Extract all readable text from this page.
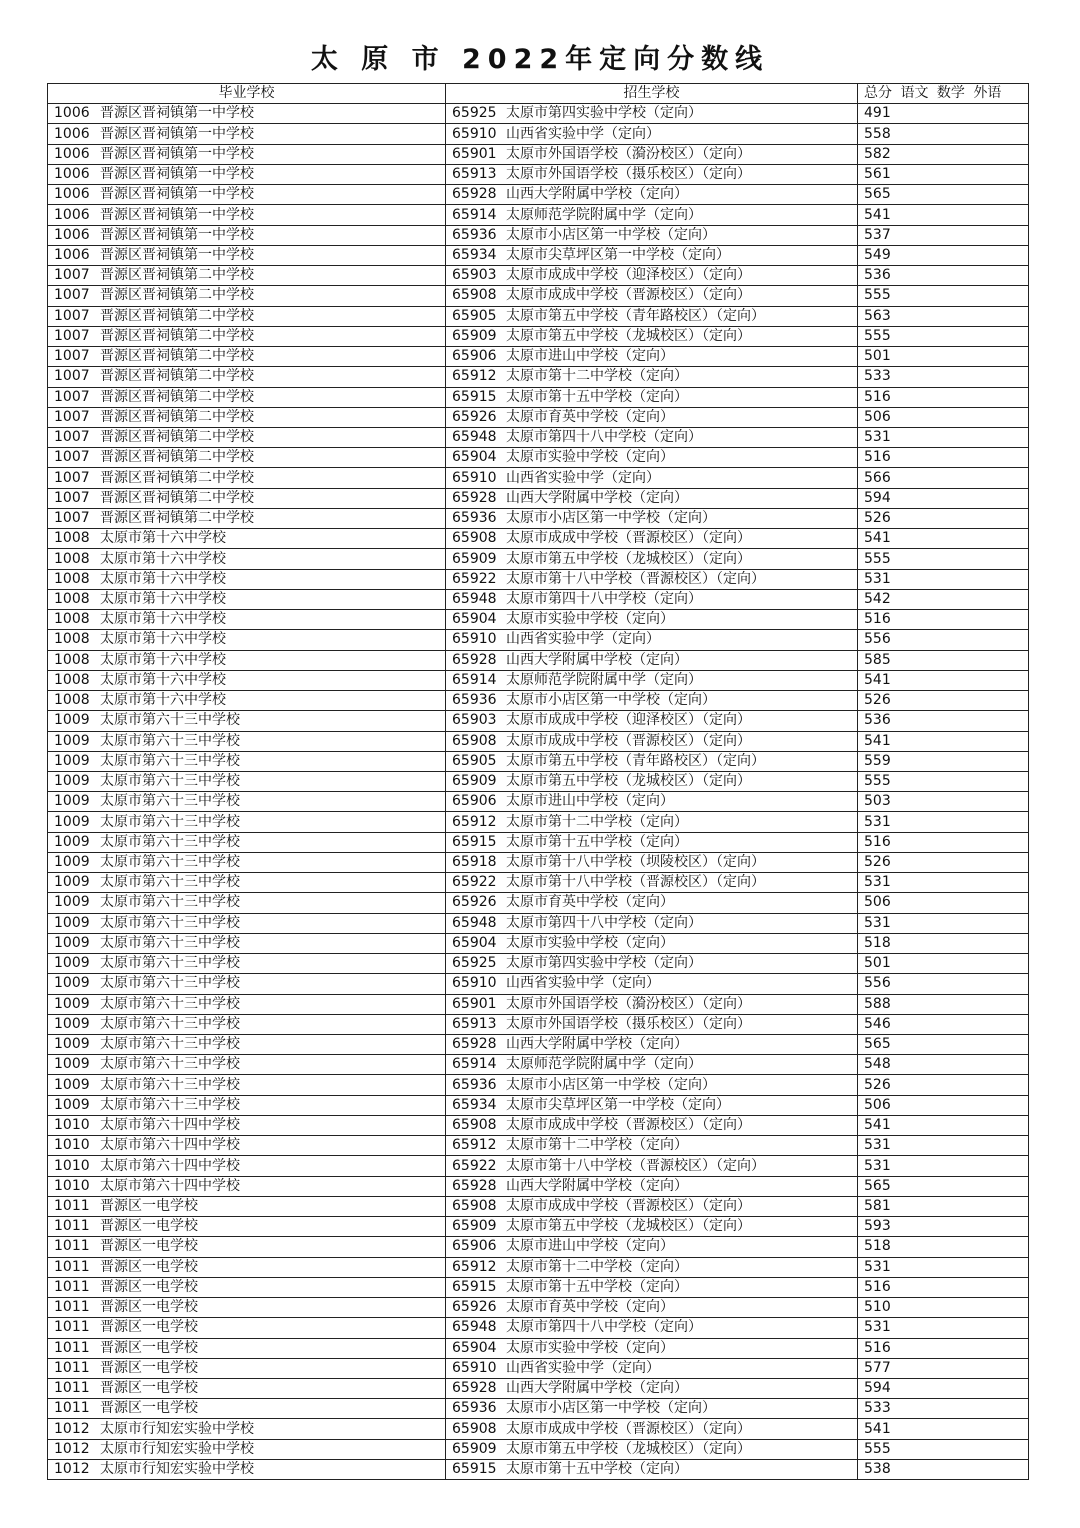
太 原 市 2022年定向分数线
毕业学校	招生学校	总分 语文 数学 外语
1006 晋源区晋祠镇第一中学校	65925 太原市第四实验中学校（定向）	491
1006 晋源区晋祠镇第一中学校	65910 山西省实验中学（定向）	558
1006 晋源区晋祠镇第一中学校	65901 太原市外国语学校（漪汾校区）（定向）	582
1006 晋源区晋祠镇第一中学校	65913 太原市外国语学校（摄乐校区）（定向）	561
1006 晋源区晋祠镇第一中学校	65928 山西大学附属中学校（定向）	565
1006 晋源区晋祠镇第一中学校	65914 太原师范学院附属中学（定向）	541
1006 晋源区晋祠镇第一中学校	65936 太原市小店区第一中学校（定向）	537
1006 晋源区晋祠镇第一中学校	65934 太原市尖草坪区第一中学校（定向）	549
1007 晋源区晋祠镇第二中学校	65903 太原市成成中学校（迎泽校区）（定向）	536
1007 晋源区晋祠镇第二中学校	65908 太原市成成中学校（晋源校区）（定向）	555
1007 晋源区晋祠镇第二中学校	65905 太原市第五中学校（青年路校区）（定向）	563
1007 晋源区晋祠镇第二中学校	65909 太原市第五中学校（龙城校区）（定向）	555
1007 晋源区晋祠镇第二中学校	65906 太原市进山中学校（定向）	501
1007 晋源区晋祠镇第二中学校	65912 太原市第十二中学校（定向）	533
1007 晋源区晋祠镇第二中学校	65915 太原市第十五中学校（定向）	516
1007 晋源区晋祠镇第二中学校	65926 太原市育英中学校（定向）	506
1007 晋源区晋祠镇第二中学校	65948 太原市第四十八中学校（定向）	531
1007 晋源区晋祠镇第二中学校	65904 太原市实验中学校（定向）	516
1007 晋源区晋祠镇第二中学校	65910 山西省实验中学（定向）	566
1007 晋源区晋祠镇第二中学校	65928 山西大学附属中学校（定向）	594
1007 晋源区晋祠镇第二中学校	65936 太原市小店区第一中学校（定向）	526
1008 太原市第十六中学校	65908 太原市成成中学校（晋源校区）（定向）	541
1008 太原市第十六中学校	65909 太原市第五中学校（龙城校区）（定向）	555
1008 太原市第十六中学校	65922 太原市第十八中学校（晋源校区）（定向）	531
1008 太原市第十六中学校	65948 太原市第四十八中学校（定向）	542
1008 太原市第十六中学校	65904 太原市实验中学校（定向）	516
1008 太原市第十六中学校	65910 山西省实验中学（定向）	556
1008 太原市第十六中学校	65928 山西大学附属中学校（定向）	585
1008 太原市第十六中学校	65914 太原师范学院附属中学（定向）	541
1008 太原市第十六中学校	65936 太原市小店区第一中学校（定向）	526
1009 太原市第六十三中学校	65903 太原市成成中学校（迎泽校区）（定向）	536
1009 太原市第六十三中学校	65908 太原市成成中学校（晋源校区）（定向）	541
1009 太原市第六十三中学校	65905 太原市第五中学校（青年路校区）（定向）	559
1009 太原市第六十三中学校	65909 太原市第五中学校（龙城校区）（定向）	555
1009 太原市第六十三中学校	65906 太原市进山中学校（定向）	503
1009 太原市第六十三中学校	65912 太原市第十二中学校（定向）	531
1009 太原市第六十三中学校	65915 太原市第十五中学校（定向）	516
1009 太原市第六十三中学校	65918 太原市第十八中学校（坝陵校区）（定向）	526
1009 太原市第六十三中学校	65922 太原市第十八中学校（晋源校区）（定向）	531
1009 太原市第六十三中学校	65926 太原市育英中学校（定向）	506
1009 太原市第六十三中学校	65948 太原市第四十八中学校（定向）	531
1009 太原市第六十三中学校	65904 太原市实验中学校（定向）	518
1009 太原市第六十三中学校	65925 太原市第四实验中学校（定向）	501
1009 太原市第六十三中学校	65910 山西省实验中学（定向）	556
1009 太原市第六十三中学校	65901 太原市外国语学校（漪汾校区）（定向）	588
1009 太原市第六十三中学校	65913 太原市外国语学校（摄乐校区）（定向）	546
1009 太原市第六十三中学校	65928 山西大学附属中学校（定向）	565
1009 太原市第六十三中学校	65914 太原师范学院附属中学（定向）	548
1009 太原市第六十三中学校	65936 太原市小店区第一中学校（定向）	526
1009 太原市第六十三中学校	65934 太原市尖草坪区第一中学校（定向）	506
1010 太原市第六十四中学校	65908 太原市成成中学校（晋源校区）（定向）	541
1010 太原市第六十四中学校	65912 太原市第十二中学校（定向）	531
1010 太原市第六十四中学校	65922 太原市第十八中学校（晋源校区）（定向）	531
1010 太原市第六十四中学校	65928 山西大学附属中学校（定向）	565
1011 晋源区一电学校	65908 太原市成成中学校（晋源校区）（定向）	581
1011 晋源区一电学校	65909 太原市第五中学校（龙城校区）（定向）	593
1011 晋源区一电学校	65906 太原市进山中学校（定向）	518
1011 晋源区一电学校	65912 太原市第十二中学校（定向）	531
1011 晋源区一电学校	65915 太原市第十五中学校（定向）	516
1011 晋源区一电学校	65926 太原市育英中学校（定向）	510
1011 晋源区一电学校	65948 太原市第四十八中学校（定向）	531
1011 晋源区一电学校	65904 太原市实验中学校（定向）	516
1011 晋源区一电学校	65910 山西省实验中学（定向）	577
1011 晋源区一电学校	65928 山西大学附属中学校（定向）	594
1011 晋源区一电学校	65936 太原市小店区第一中学校（定向）	533
1012 太原市行知宏实验中学校	65908 太原市成成中学校（晋源校区）（定向）	541
1012 太原市行知宏实验中学校	65909 太原市第五中学校（龙城校区）（定向）	555
1012 太原市行知宏实验中学校	65915 太原市第十五中学校（定向）	538
